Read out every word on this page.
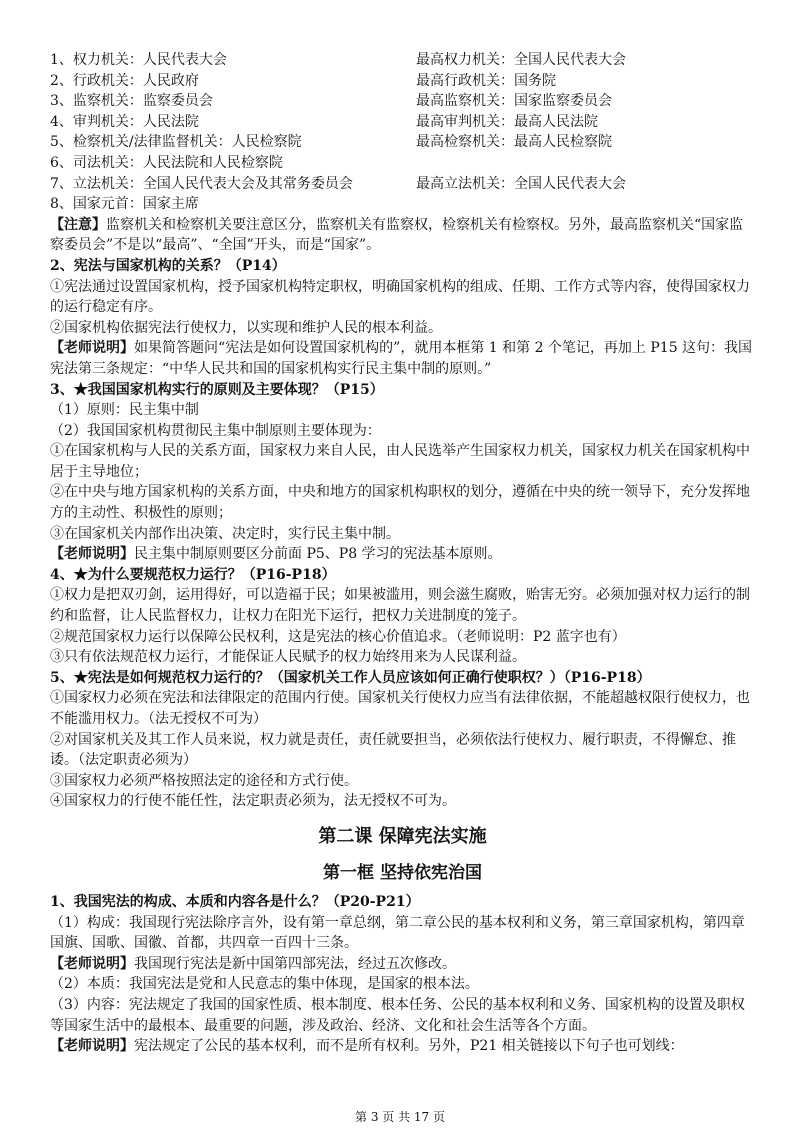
1、权力机关：人民代表大会	最高权力机关：全国人民代表大会
2、行政机关：人民政府	最高行政机关：国务院
3、监察机关：监察委员会	最高监察机关：国家监察委员会
4、审判机关：人民法院	最高审判机关：最高人民法院
5、检察机关/法律监督机关：人民检察院	最高检察机关：最高人民检察院
6、司法机关：人民法院和人民检察院
7、立法机关：全国人民代表大会及其常务委员会	最高立法机关：全国人民代表大会
8、国家元首：国家主席
【注意】监察机关和检察机关要注意区分，监察机关有监察权，检察机关有检察权。另外，最高监察机关“国家监察委员会”不是以“最高”、“全国”开头，而是“国家”。
2、宪法与国家机构的关系？（P14）
①宪法通过设置国家机构，授予国家机构特定职权，明确国家机构的组成、任期、工作方式等内容，使得国家权力的运行稳定有序。
②国家机构依据宪法行使权力，以实现和维护人民的根本利益。
【老师说明】如果简答题问“宪法是如何设置国家机构的”，就用本框第 1 和第 2 个笔记，再加上 P15 这句：我国宪法第三条规定：“中华人民共和国的国家机构实行民主集中制的原则。”
3、★我国国家机构实行的原则及主要体现？（P15）
（1）原则：民主集中制
（2）我国国家机构贯彻民主集中制原则主要体现为：
①在国家机构与人民的关系方面，国家权力来自人民，由人民选举产生国家权力机关，国家权力机关在国家机构中居于主导地位；
②在中央与地方国家机构的关系方面，中央和地方的国家机构职权的划分，遵循在中央的统一领导下，充分发挥地方的主动性、积极性的原则；
③在国家机关内部作出决策、决定时，实行民主集中制。
【老师说明】民主集中制原则要区分前面 P5、P8 学习的宪法基本原则。
4、★为什么要规范权力运行？（P16-P18）
①权力是把双刃剑，运用得好，可以造福于民；如果被滥用，则会滋生腐败，贻害无穷。必须加强对权力运行的制约和监督，让人民监督权力，让权力在阳光下运行，把权力关进制度的笼子。
②规范国家权力运行以保障公民权利，这是宪法的核心价值追求。（老师说明：P2 蓝字也有）
③只有依法规范权力运行，才能保证人民赋予的权力始终用来为人民谋利益。
5、★宪法是如何规范权力运行的？（国家机关工作人员应该如何正确行使职权？）（P16-P18）
①国家权力必须在宪法和法律限定的范围内行使。国家机关行使权力应当有法律依据，不能超越权限行使权力，也不能滥用权力。（法无授权不可为）
②对国家机关及其工作人员来说，权力就是责任，责任就要担当，必须依法行使权力、履行职责，不得懈怠、推诿。（法定职责必须为）
③国家权力必须严格按照法定的途径和方式行使。
④国家权力的行使不能任性，法定职责必须为，法无授权不可为。
第二课 保障宪法实施
第一框 坚持依宪治国
1、我国宪法的构成、本质和内容各是什么？（P20-P21）
（1）构成：我国现行宪法除序言外，设有第一章总纲，第二章公民的基本权利和义务，第三章国家机构，第四章国旗、国歌、国徽、首都，共四章一百四十三条。
【老师说明】我国现行宪法是新中国第四部宪法，经过五次修改。
（2）本质：我国宪法是党和人民意志的集中体现，是国家的根本法。
（3）内容：宪法规定了我国的国家性质、根本制度、根本任务、公民的基本权利和义务、国家机构的设置及职权等国家生活中的最根本、最重要的问题，涉及政治、经济、文化和社会生活等各个方面。
【老师说明】宪法规定了公民的基本权利，而不是所有权利。另外，P21 相关链接以下句子也可划线：
第 3 页 共 17 页
